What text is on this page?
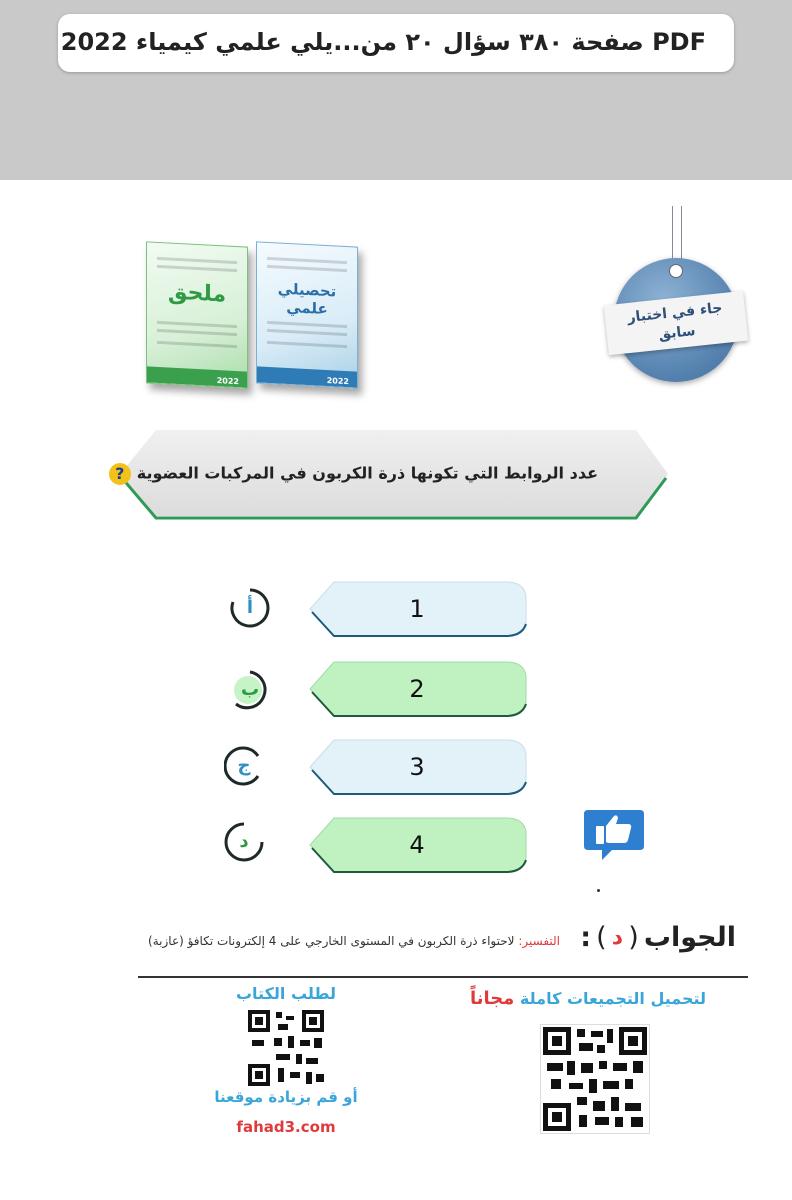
PDF صفحة ٣٨٠ سؤال ٢٠ من...يلي علمي كيمياء 2022
ملحق
2022
تحصيلي علمي
2022
جاء في اختبار
سابق
عدد الروابط التي تكونها ذرة الكربون في المركبات العضوية?
1
أ
2
ب
3
ج
4
د
الجواب ( د ) :
التفسير: لاحتواء ذرة الكربون في المستوى الخارجي على 4 إلكترونات تكافؤ (عازبة)
لتحميل التجميعات كاملة مجاناً
لطلب الكتاب
أو قم بزيادة موقعنا
fahad3.com
